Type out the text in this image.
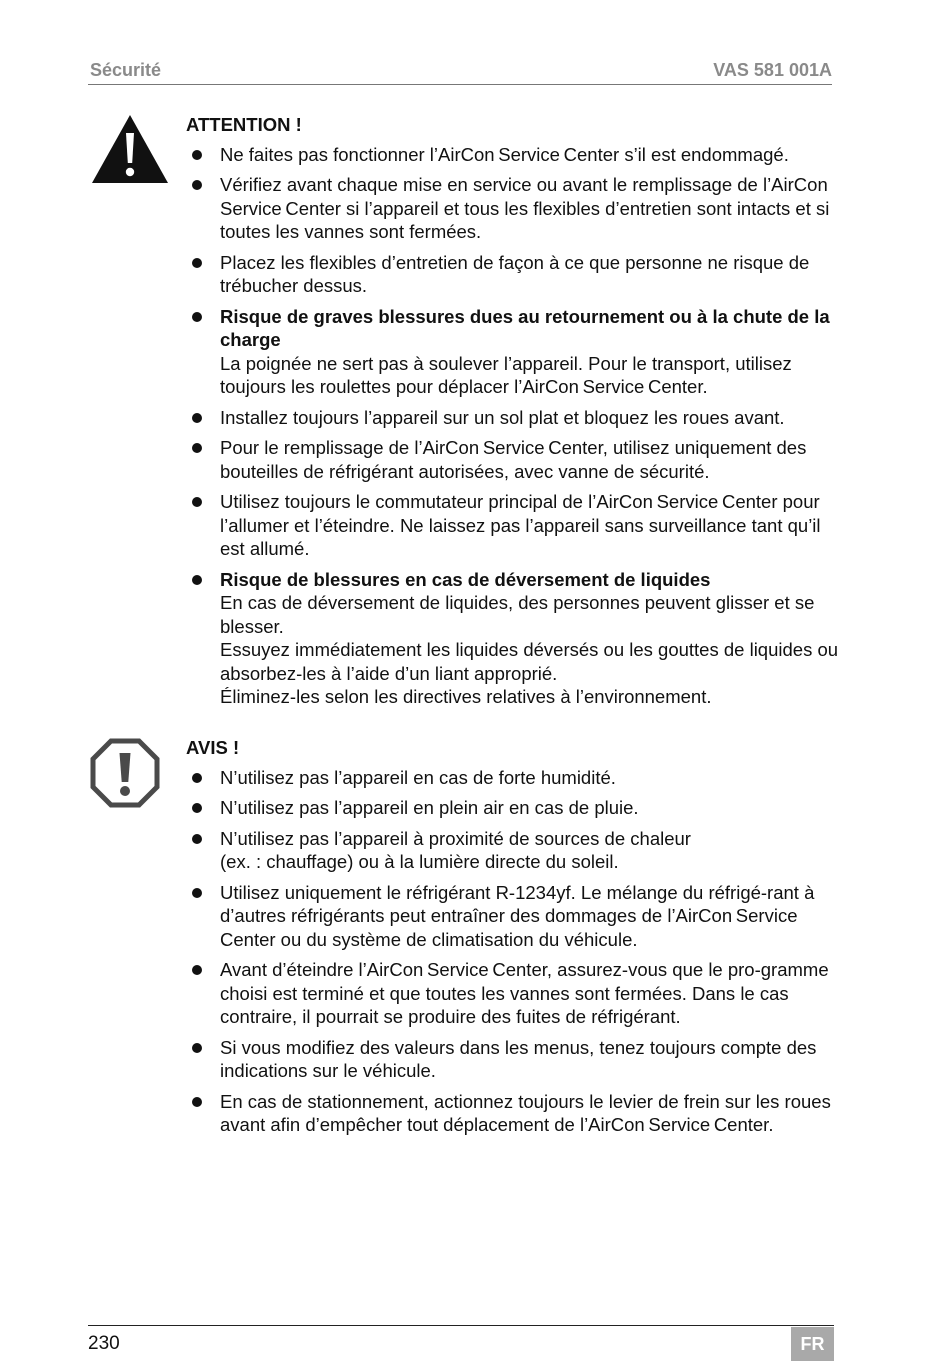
Sécurité	VAS 581 001A
ATTENTION !
Ne faites pas fonctionner l’AirCon Service Center s’il est endommagé.
Vérifiez avant chaque mise en service ou avant le remplissage de l’AirCon Service Center si l’appareil et tous les flexibles d’entretien sont intacts et si toutes les vannes sont fermées.
Placez les flexibles d’entretien de façon à ce que personne ne risque de trébucher dessus.
Risque de graves blessures dues au retournement ou à la chute de la charge
La poignée ne sert pas à soulever l’appareil. Pour le transport, utilisez toujours les roulettes pour déplacer l’AirCon Service Center.
Installez toujours l’appareil sur un sol plat et bloquez les roues avant.
Pour le remplissage de l’AirCon Service Center, utilisez uniquement des bouteilles de réfrigérant autorisées, avec vanne de sécurité.
Utilisez toujours le commutateur principal de l’AirCon Service Center pour l’allumer et l’éteindre. Ne laissez pas l’appareil sans surveillance tant qu’il est allumé.
Risque de blessures en cas de déversement de liquides
En cas de déversement de liquides, des personnes peuvent glisser et se blesser.
Essuyez immédiatement les liquides déversés ou les gouttes de liquides ou absorbez-les à l’aide d’un liant approprié.
Éliminez-les selon les directives relatives à l’environnement.
AVIS !
N’utilisez pas l’appareil en cas de forte humidité.
N’utilisez pas l’appareil en plein air en cas de pluie.
N’utilisez pas l’appareil à proximité de sources de chaleur
(ex. : chauffage) ou à la lumière directe du soleil.
Utilisez uniquement le réfrigérant R-1234yf. Le mélange du réfrigé-rant à d’autres réfrigérants peut entraîner des dommages de l’AirCon Service Center ou du système de climatisation du véhicule.
Avant d’éteindre l’AirCon Service Center, assurez-vous que le pro-gramme choisi est terminé et que toutes les vannes sont fermées. Dans le cas contraire, il pourrait se produire des fuites de réfrigérant.
Si vous modifiez des valeurs dans les menus, tenez toujours compte des indications sur le véhicule.
En cas de stationnement, actionnez toujours le levier de frein sur les roues avant afin d’empêcher tout déplacement de l’AirCon Service Center.
230	FR
